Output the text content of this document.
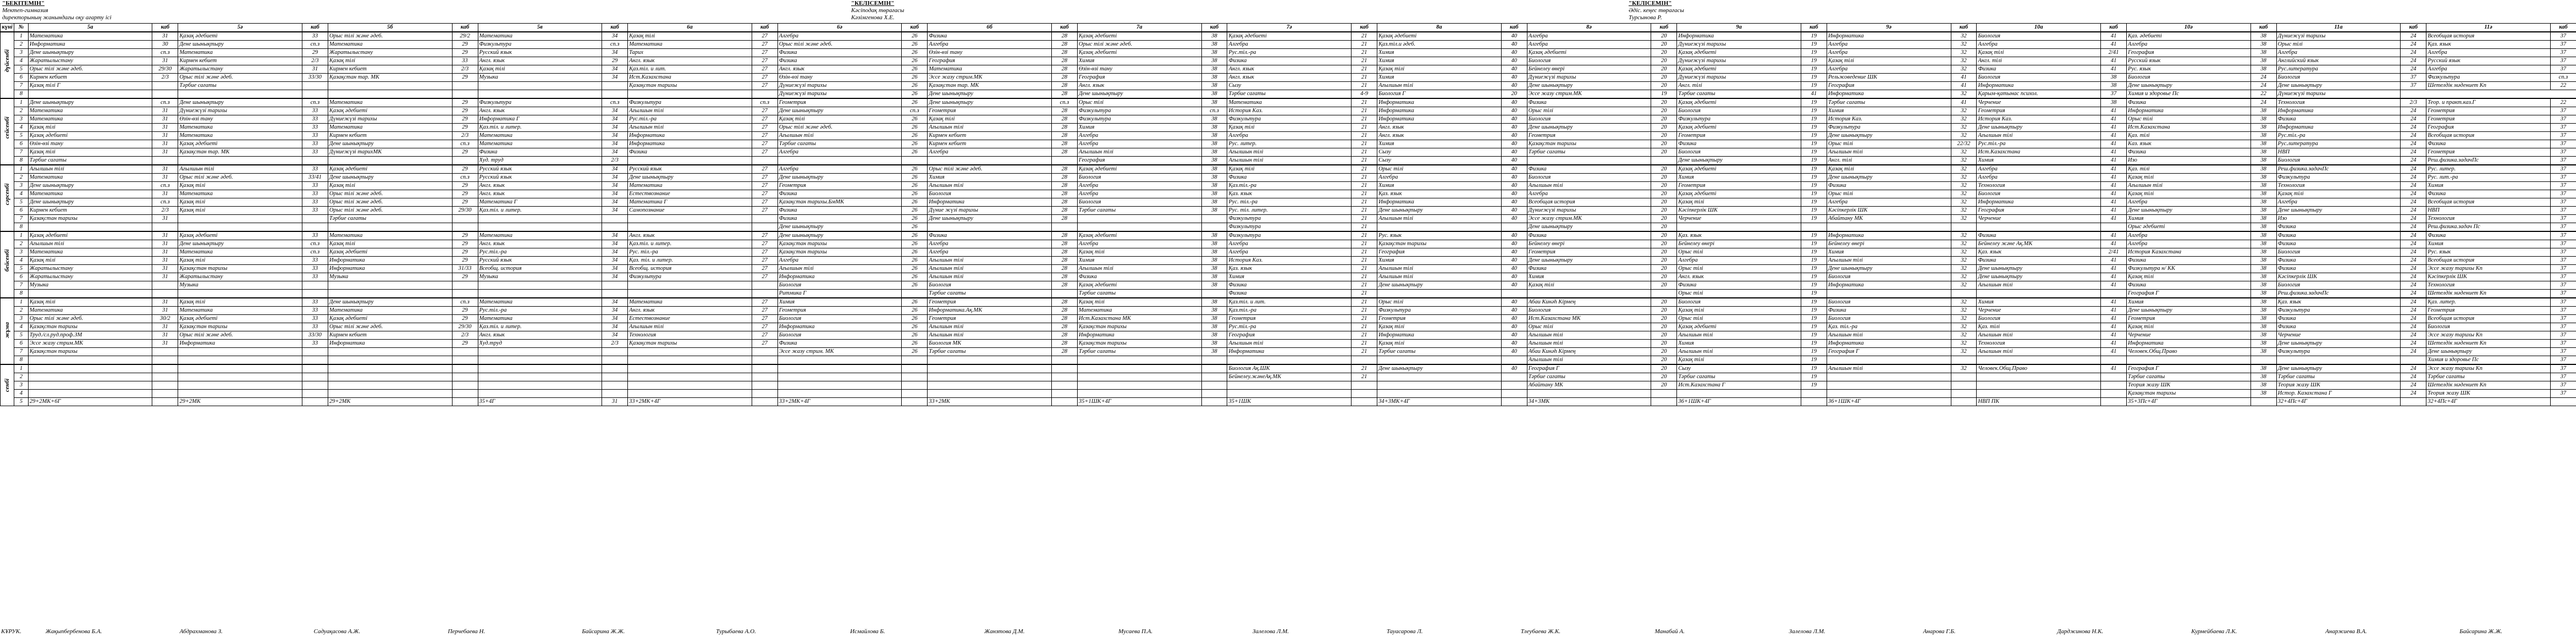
"БЕКІТЕМІН"
Мектеп-гимназия
директорының жанындағы оқу ағарту ісі
"КЕЛІСЕМІН"
Кәсіподақ төрағасы
Кәзімгенова Х.Е.
"КЕЛІСЕМІН"
Әдіс. кеңес төрағасы
Турсынова Р.
күні	№	5а	каб	5ә	каб	5б	каб	5в	каб	6а	каб	6ә	каб	6б	каб	7а	каб	7ә	каб	8а	каб	8ә	каб	9а	каб	9ә	каб	10а	каб	10ә	каб	11а	каб	11ә	каб	

дүйсенбі	1	Математика	31	Қазақ әдебиеті	33	Орыс тілі және әдеб.	29/2	Математика	34	Қазақ тілі	27	Алгебра	26	Физика	28	Қазақ әдебиеті	38	Қазақ әдебиеті	21	Қазақ әдебиеті	40	Алгебра	20	Информатика	19	Информатика	32	Биология	41	Қаз. әдебиеті	38	Дүниежүзі тарихы	24	Всеобщая история	37			
	2	Информатика	30	Дене шынықтыру	сп.з	Математика	29	Физкультура	сп.з	Математика	27	Орыс тілі және әдеб.	26	Алгебра	28	Орыс тілі және әдеб.	38	Алгебра	21	Қаз.тіл.и әдеб.	40	Алгебра	20	Дүниежүзі тарихы	19	Алгебра	32	Алгебра	41	Алгебра	38	Орыс тілі	24	Қаз. язык	37			
	3	Дене шынықтыру	сп.з	Математика	29	Жаратылыстану	29	Русский язык	34	Тарих	27	Физика	26	Өзін-өзі тану	28	Қазақ әдебиеті	38	Рус.тіл.-ра	21	Химия	40	Қазақ әдебиеті	20	Қазақ әдебиеті	19	Алгебра	32	Қазақ тілі	2/41	География	38	Алгебра	24	Алгебра	37			
	4	Жаратылыстану	31	Кирмен кебиет	2/3	Қазақ тілі	33	Англ. язык	29	Англ. язык	27	Физика	26	География	28	Химия	38	Физика	21	Химия	40	Биология	20	Дүниежүзі тарихы	19	Қазақ тілі	32	Англ. тілі	41	Русский язык	38	Английский язык	24	Русский язык	37			
	5	Орыс тілі және әдеб.	29/30	Жаратылыстану	31	Кирмен кебиет	2/3	Қазақ тілі	34	Қаз.тіл. и лит.	27	Англ. язык	26	Математика	28	Өзін-өзі тану	38	Англ. язык	21	Қазақ тілі	40	Бейнелеу өнері	20	Қазақ әдебиеті	19	Алгебра	32	Физика	41	Рус. язык	38	Рус.литература	24	Алгебра	37			
	6	Кирмен кебиет	2/3	Орыс тілі және әдеб.	33/30	Қазақстан тар. МК	29	Музыка	34	Ист.Казахстана	27	Өзін-өзі тану	26	Эссе жазу стрим.МК	28	География	38	Англ. язык	21	Химия	40	Дүниежүзі тарихы	20	Дүниежүзі тарихы	19	Рельжоведение ШК	41	Биология	38	Биология	24	Биология	37	Физкультура	сп.з	
	7	Қазақ тілі Г		Тәрбие сағаты						Қазақстан тарихы	27	Дүниежүзі тарихы	26	Қазақстан тар. МК	28	Англ. язык	38	Сызу	21	Ағылшын тілі	40	Дене шынықтыру	20	Англ. тілі	19	География	41	Информатика	38	Дене шынықтыру	24	Дене шынықтыру	37	Шетелдік мәдениет Кп	22	
	8											Дүниежүзі тарихы	26	Дене шынықтыру	28	Дене шынықтыру	38	Тәрбие сағаты	4-9	Биология Г	20	Эссе жазу стрим.МК	19	Тәрбие сағаты	41	Информатика	32	Қарым-қатынас психол.	37	Химия и здоровье Пс	22	Дүниежүзі тарихы				

сейсенбі	1	Дене шынықтыру	сп.з	Дене шынықтыру	сп.з	Математика	29	Физкультура	сп.з	Физкультура	сп.з	Геометрия	26	Дене шынықтыру	сп.з	Орыс тілі	38	Математика	21	Информатика	40	Физика	20	Қазақ әдебиеті	19	Тәрбие сағаты	41	Черчение	38	Физика	24	Технология	2/3	Теор. и практ.каз.Г	22	
	2	Математика	31	Дүниежүзі тарихы	33	Қазақ әдебиеті	29	Англ. язык	34	Ағылшын тілі	27	Дене шынықтыру	сп.з	Геометрия	28	Физкультура	сп.з	История Каз.	21	Информатика	40	Орыс тілі	20	Биология	19	Химия	32	Геометрия	41	Информатика	38	Информатика	24	Геометрия	37			
	3	Математика	31	Өзін-өзі тану	33	Дүниежүзі тарихы	29	Информатика Г	34	Рус.тіл.-ра	27	Қазақ тілі	26	Қазақ тілі	28	Физкультура	38	Физкультура	21	Информатика	40	Биология	20	Физкультура	19	История Каз.	32	История Каз.	41	Орыс тілі	38	Физика	24	Геометрия	37			
	4	Қазақ тілі	31	Математика	33	Математика	29	Қаз.тіл. и литер.	34	Ағылшын тілі	27	Орыс тілі және әдеб.	26	Ағылшын тілі	28	Химия	38	Қазақ тілі	21	Англ. язык	40	Дене шынықтыру	20	Қазақ әдебиеті	19	Физкультура	32	Дене шынықтыру	41	Ист.Казахстана	38	Информатика	24	География	37			
	5	Қазақ әдебиеті	31	Математика	33	Кирмен кебиет	2/3	Математика	34	Информатика	27	Ағылшын тілі	26	Кирмен кебиет	28	Алгебра	38	Алгебра	21	Англ. язык	40	Геометрия	20	Геометрия	19	Дене шынықтыру	32	Ағылшын тілі	41	Қаз. тілі	38	Рус.тіл.-ра	24	Всеобщая история	37			
	6	Өзін-өзі тану	31	Қазақ әдебиеті	33	Дене шынықтыру	сп.з	Математика	34	Информатика	27	Тәрбие сағаты	26	Кирмен кебиет	28	Алгебра	38	Рус. литер.	21	Химия	40	Қазақстан тарихы	20	Физика	19	Орыс тілі	22/32	Рус.тіл.-ра	41	Каз. язык	38	Рус.литература	24	Физика	37			
	7	Қазақ тілі	31	Қазақстан тар. МК	33	Дүниежүзі тарихМК	29	Физика	34	Физика	27	Алгебра	26	Алгебра	28	Ағылшын тілі	38	Ағылшын тілі	21	Сызу	40	Тәрбие сағаты	20	Биология	19	Ағылшын тілі	32	Ист.Казахстана	41	Физика	38	НВП	24	Геометрия	37			
	8	Тәрбие сағаты						Худ. труд	2/3							География	38	Ағылшын тілі	21	Сызу	40			Дене шынықтыру	19	Англ. тілі	32	Химия	41	Изо	38	Биология	24	Реш.физика.задачПс	37			

сәрсенбі	1	Ағылшын тілі	31	Ағылшын тілі	33	Қазақ әдебиеті	29	Русский язык	34	Русский язык	27	Алгебра	26	Орыс тілі және әдеб.	28	Қазақ әдебиеті	38	Қазақ тілі	21	Орыс тілі	40	Физика	20	Қазақ әдебиеті	19	Қазақ тілі	32	Алгебра	41	Қаз. тілі	38	Реш.физика.задачПс	24	Рус. литер.	37			
	2	Математика	31	Орыс тілі және әдеб.	33/41	Дене шынықтыру	сп.з	Русский язык	34	Дене шынықтыру	27	Дене шынықтыру	26	Химия	28	Биология	38	Физика	21	Алгебра	40	Биология	20	Химия	19	Дене шынықтыру	32	Алгебра	41	Қазақ тілі	38	Физкультура	24	Рус. лит.-ра	37			
	3	Дене шынықтыру	сп.з	Қазақ тілі	33	Қазақ тілі	29	Англ. язык	34	Математика	27	Геометрия	26	Ағылшын тілі	28	Алгебра	38	Қаз.тіл.-ра	21	Химия	40	Ағылшын тілі	20	Геометрия	19	Физика	32	Технология	41	Ағылшын тілі	38	Технология	24	Химия	37			
	4	Математика	31	Математика	33	Орыс тілі және әдеб.	29	Англ. язык	34	Естествознание	27	Физика	26	Биология	28	Алгебра	38	Қаз. язык	21	Қаз. язык	40	Алгебра	20	Қазақ әдебиеті	19	Орыс тілі	32	Биология	41	Қазақ тілі	38	Қазақ тілі	24	Физика	37			
	5	Дене шынықтыру	сп.з	Қазақ тілі	33	Орыс тілі және әдеб.	29	Математика Г	34	Математика Г	27	Қазақстан тарихы.БмМК	26	Информатика	28	Биология	38	Рус. тіл.-ра	21	Информатика	40	Всеобщая история	20	Қазақ тілі	19	Алгебра	32	Информатика	41	Алгебра	38	Алгебра	24	Всеобщая история	37			
	6	Кирмен кебиет	2/3	Қазақ тілі	33	Орыс тілі және әдеб.	29/30	Қаз.тіл. и литер.	34	Самопознание	27	Физика	26	Дүние жүзі тарихы	28	Тәрбие сағаты	38	Рус. тіл. литер.	21	Дене шынықтыру	40	Дүниежүзі тарихы	20	Кәсіпкерлік ШК	19	Кәсіпкерлік ШК	32	География	41	Дене шынықтыру	38	Дене шынықтыру	24	НВП	37			
	7	Қазақстан тарихы	31			Тәрбие сағаты						Физика	26	Дене шынықтыру	28			Физкультура	21	Ағылшын тілі	40	Эссе жазу стрим.МК	20	Черчение	19	Абайтану МК	32	Черчение	41	Химия	38	Изо	24	Технология	37			
	8											Дене шынықтыру	26					Физкультура	21			Дене шынықтыру	20							Орыс әдебиеті	38	Физика	24	Реш.физика.задач Пс	37			

бейсенбі	1	Қазақ әдебиеті	31	Қазақ әдебиеті	33	Математика	29	Математика	34	Англ. язык	27	Дене шынықтыру	26	Физика	28	Қазақ әдебиеті	38	Физкультура	21	Рус. язык	40	Физика	20	Қаз. язык	19	Информатика	32	Физика	41	Алгебра	38	Физика	24	Физика	37			
	2	Ағылшын тілі	31	Дене шынықтыру	сп.з	Қазақ тілі	29	Англ. язык	34	Қаз.тіл. и литер.	27	Қазақстан тарихы	26	Алгебра	28	Алгебра	38	Алгебра	21	Қазақстан тарихы	40	Бейнелеу өнері	20	Бейнелеу өнері	19	Бейнелеу өнері	32	Бейнелеу және Ақ.МК	41	Алгебра	38	Физика	24	Химия	37			
	3	Математика	31	Математика	сп.з	Қазақ әдебиеті	29	Рус.тіл.-ра	34	Рус. тіл.-ра	27	Қазақстан тарихы	26	Алгебра	28	Қазақ тілі	38	Алгебра	21	География	40	Геометрия	20	Орыс тілі	19	Химия	32	Қаз. язык	2/41	История Казахстана	38	Биология	24	Рус. язык	37			
	4	Қазақ тілі	31	Қазақ тілі	33	Информатика	29	Русский язык	34	Қаз. тіл. и литер.	27	Алгебра	26	Ағылшын тілі	28	Химия	38	История Каз.	21	Химия	40	Дене шынықтыру	20	Алгебра	19	Ағылшын тілі	32	Физика	41	Физика	38	Физика	24	Всеобщая история	37			
	5	Жаратылыстану	31	Қазақстан тарихы	33	Информатика	31/33	Всеобщ. история	34	Всеобщ. история	27	Ағылшын тілі	26	Ағылшын тілі	28	Ағылшын тілі	38	Қаз. язык	21	Ағылшын тілі	40	Физика	20	Орыс тілі	19	Дене шынықтыру	32	Дене шынықтыру	41	Физкультура н/ КК	38	Физика	24	Эссе жазу тарихы Кп	37			
	6	Жаратылыстану	31	Жаратылыстану	33	Музыка	29	Музыка	34	Физкультура	27	Информатика	26	Ағылшын тілі	28	Физика	38	Химия	21	Ағылшын тілі	40	Химия	20	Англ. язык	19	Биология	32	Дене шынықтыру	41	Қазақ тілі	38	Кәсіпкерлік ШК	24	Кәсіпкерлік ШК	37			
	7	Музыка		Музыка								Биология	26	Биология	28	Қазақ әдебиеті	38	Физика	21	Дене шынықтыру	40	Қазақ тілі	20	Физика	19	Информатика	32	Ағылшын тілі	41	Физика	38	Биология	24	Технология	37			
	8											Ритмика Г		Тәрбие сағаты		Тәрбие сағаты		Физика	21					Орыс тілі	19					География Г	38	Реш.физика.задачПс	24	Шетелдік мәдениет Кп	37			

жұма	1	Қазақ тілі	31	Қазақ тілі	33	Дене шынықтыру	сп.з	Математика	34	Математика	27	Химия	26	Геометрия	28	Қазақ тілі	38	Қаз.тіл. и лит.	21	Орыс тілі	40	Абаи Кинәһ Кірмең	20	Биология	19	Биология	32	Химия	41	Химия	38	Қаз. язык	24	Қаз. литер.	37			
	2	Математика	31	Математика	33	Математика	29	Рус.тіл.-ра	34	Англ. язык	27	Геометрия	26	Информатика.Ақ.МК	28	Математика	38	Қаз.тіл.-ра	21	Физкультура	40	Биология	20	Қазақ тілі	19	Физика	32	Черчение	41	Дене шынықтыру	38	Физкультура	24	Геометрия	37			
	3	Орыс тілі және әдеб.	30/2	Қазақ әдебиеті	33	Қазақ әдебиеті	29	Математика	34	Естествознание	27	Биология	26	Геометрия	28	Ист.Казахстана МК	38	Геометрия	21	Геометрия	40	Ист.Казахстана МК	20	Орыс тілі	19	Биология	32	Биология	41	Геометрия	38	Физика	24	Всеобщая история	37			
	4	Қазақстан тарихы	31	Қазақстан тарихы	33	Орыс тілі және әдеб.	29/30	Қаз.тіл. и литер.	34	Ағылшын тілі	27	Информатика	26	Ағылшын тілі	28	Қазақстан тарихы	38	Рус.тіл.-ра	21	Қазақ тілі	40	Орыс тілі	20	Қазақ әдебиеті	19	Қаз. тіл.-ра	32	Қаз. тілі	41	Қазақ тілі	38	Физика	24	Биология	37			
	5	Труд./сл.руд.проф.ЗМ	31	Орыс тілі және әдеб.	33/30	Кирмен кебиет	2/3	Англ. язык	34	Технология	27	Биология	26	Ағылшын тілі	28	Информатика	38	География	21	Информатика	40	Ағылшын тілі	20	Ағылшын тілі	19	Ағылшын тілі	32	Ағылшын тілі	41	Черчение	38	Черчение	24	Эссе жазу тарихы Кп	37			
	6	Эссе жазу стрим.МК	31	Информатика	33	Информатика	29	Худ.труд	2/3	Қазақстан тарихы	27	Физика	26	Биология МК	28	Қазақстан тарихы	38	Ағылшын тілі	21	Қазақ тілі	40	Ағылшын тілі	20	Химия	19	Информатика	32	Технология	41	Информатика	38	Дене шынықтыру	24	Шетелдік мәдениет Кп	37			
	7	Қазақстан тарихы										Эссе жазу стрим. МК	26	Тәрбие сағаты	28	Тәрбие сағаты	38	Информатика	21	Тәрбие сағаты	40	Абаи Кинәһ Кірмең	20	Ағылшын тілі	19	География Г	32	Ағылшын тілі	41	Человек.Общ.Право	38	Физкультура	24	Дене шынықтыру	37			
	8																					Ағылшын тілі	20	Қазақ тілі	19									Химия и здоровье Пс	37			

сенбі	1																	Биология Ақ.ШК	21	Дене шынықтыру	40	География Г	20	Сызу	19	Ағылшын тілі	32	Человек.Общ.Право	41	География Г	38	Дене шынықтыру	24	Эссе жазу тарихы Кп	37			
	2																	Бейнелеу.жәнеАқ.МК	21			Тәрбие сағаты	20	Тәрбие сағаты	19					Тәрбие сағаты	38	Тәрбие сағаты	24	Тәрбие сағаты	37			
	3																					Абайтану МК	20	Ист.Казахстана Г	19					Теория жазу ШК	38	Теория жазу ШК	24	Шетелдік мәдениет Кп	37			
	4																													Қазақстан тарихы	38	Истор. Казахстана Г	24	Теория жазу ШК	37			
	5	29+2МК+6Г		29+2МК		29+2МК		35+4Г	31	33+2МК+4Г		33+2МК+4Г		33+2МК		35+1ШК+4Г		35+1ШК		34+3МК+4Г		34+3МК		36+1ШК+4Г		36+1ШК+4Г		НВП ПК		35+3Пс+4Г		32+4Пс+4Г		32+4Пс+4Г		
КҰРУК.	Жақыпбербенова Б.А.	Абдрахманова З.	Садуақасова А.Ж.	Перчебаева Н.	Байсарина Ж.Ж.	Турыбаева А.О.	Исмайлова Б.	Жанзтова Д.М.	Мусаева П.А.	Залелова Л.М.	Тауасарова Л.	Тлеубаева Ж.К.	Манабай А.	Залелова Л.М.	Анарова Г.Б.	Дарджинова Н.К.	Курмейбаева Л.К.	Анаржиева В.А.	Байсарина Ж.Ж.
